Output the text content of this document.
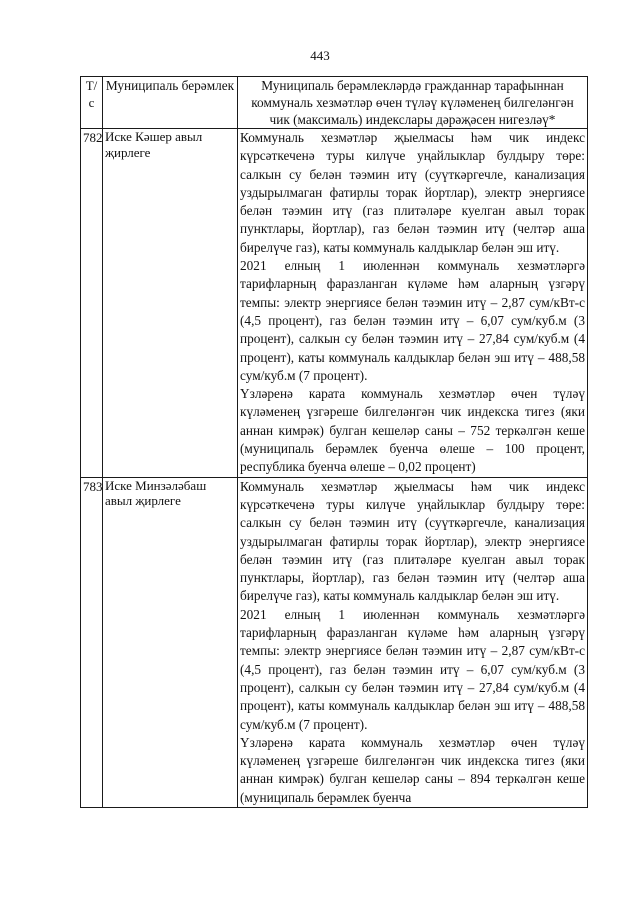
443
Т/с	Муниципаль берәмлек	Муниципаль берәмлекләрдә гражданнар тарафыннан коммуналь хезмәтләр өчен түләү күләменең билгеләнгән чик (максималь) индекслары дәрәҗәсен нигезләү*
782	Иске Кәшер авыл җирлеге	Коммуналь хезмәтләр җыелмасы һәм чик индекс күрсәткеченә туры килүче уңайлыклар булдыру төре: салкын су белән тәэмин итү (суүткәргечле, канализация уздырылмаган фатирлы торак йортлар), электр энергиясе белән тәэмин итү (газ плитәләре куелган авыл торак пунктлары, йортлар), газ белән тәэмин итү (челтәр аша бирелүче газ), каты коммуналь калдыклар белән эш итү.
2021 елның 1 июленнән коммуналь хезмәтләргә тарифларның фаразланган күләме һәм аларның үзгәрү темпы: электр энергиясе белән тәэмин итү – 2,87 сум/кВт-с (4,5 процент), газ белән тәэмин итү – 6,07 сум/куб.м (3 процент), салкын су белән тәэмин итү – 27,84 сум/куб.м (4 процент), каты коммуналь калдыклар белән эш итү – 488,58 сум/куб.м (7 процент).
Үзләренә карата коммуналь хезмәтләр өчен түләү күләменең үзгәреше билгеләнгән чик индекска тигез (яки аннан кимрәк) булган кешеләр саны – 752 теркәлгән кеше (муниципаль берәмлек буенча өлеше – 100 процент, республика буенча өлеше – 0,02 процент)

783	Иске Минзәләбаш авыл җирлеге	Коммуналь хезмәтләр җыелмасы һәм чик индекс күрсәткеченә туры килүче уңайлыклар булдыру төре: салкын су белән тәэмин итү (суүткәргечле, канализация уздырылмаган фатирлы торак йортлар), электр энергиясе белән тәэмин итү (газ плитәләре куелган авыл торак пунктлары, йортлар), газ белән тәэмин итү (челтәр аша бирелүче газ), каты коммуналь калдыклар белән эш итү.
2021 елның 1 июленнән коммуналь хезмәтләргә тарифларның фаразланган күләме һәм аларның үзгәрү темпы: электр энергиясе белән тәэмин итү – 2,87 сум/кВт-с (4,5 процент), газ белән тәэмин итү – 6,07 сум/куб.м (3 процент), салкын су белән тәэмин итү – 27,84 сум/куб.м (4 процент), каты коммуналь калдыклар белән эш итү – 488,58 сум/куб.м (7 процент).
Үзләренә карата коммуналь хезмәтләр өчен түләү күләменең үзгәреше билгеләнгән чик индекска тигез (яки аннан кимрәк) булган кешеләр саны – 894 теркәлгән кеше (муниципаль берәмлек буенча
